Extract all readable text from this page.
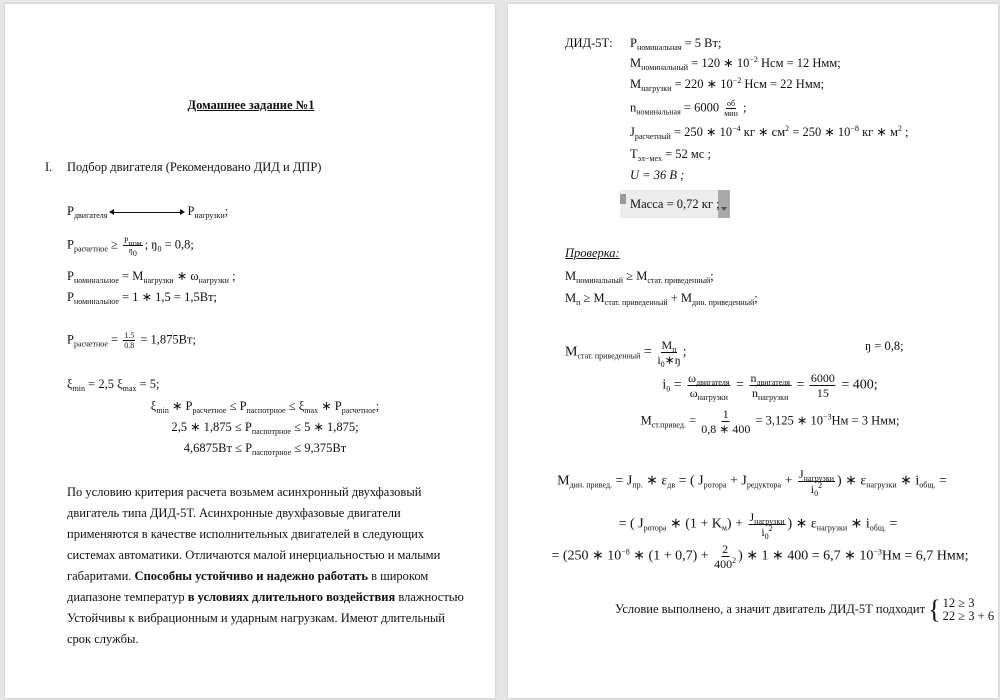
Домашнее задание №1
I. Подбор двигателя (Рекомендовано ДИД и ДПР)
$P_{двигателя}$	$P_{нагрузки}$;
$P_{расчетное} \ge P_{ном}$
$ŋ_0$
; $ŋ_0 = 0,8$;
$P_{номинальное} = M_{нагрузки}$ ∗ $\omega_{нагрузки}$ ;
$P_{номинальное} = 1$ ∗ 1,5 = 1,5Вт;
$P_{расчетное} = \frac{1.5}{0.8} = 1,875Вт$;
$\xi_{min} = 2,5$ $\xi_{max} = 5$;
$\xi_{min}$ ∗ $P_{расчетное} \le P_{паспотрное} \le \xi_{max}$ ∗ $P_{расчетное}$;
2,5 ∗ $1,875 \le P_{паспотрное} \le 5$ ∗ 1,875;
$4,6875Вт \le P_{паспотрное} \le 9,375Вт$
По условию критерия расчета возьмем асинхронный двухфазовый двигатель типа ДИД-5Т. Асинхронные двухфазовые двигатели применяются в качестве исполнительных двигателей в следующих системах автоматики. Отличаются малой инерциальностью и малыми габаритами. Способны устойчиво и надежно работать в широком диапазоне температур в условиях длительного воздействия влажностью Устойчивы к вибрационным и ударным нагрузкам. Имеют длительный срок службы.
ДИД-5Т: $P_{номинальная} = 5$ Вт;
$M_{номинальный} = 120$ ∗ $10^{-2}$ Нсм = 12 Нмм;
$M_{нагрузки} = 220$ ∗ $10^{-2}$ Нсм = 22 Нмм;
$n_{номинальная} = 6000$ об
мин ;
$J_{расчетный} = 250$ ∗ $10^{-4}$ кг ∗ $см^2 = 250$ ∗ $10^{-8}$ кг ∗ $м^2$ ;
$T_{эл-мех} = 52$ мс ;
U = 36 B ;
Масса = 0,72 кг ;
Проверка:
$M_{номинальный} \ge M_{стат. приведенный}$;
$M_п \ge M_{стат. приведенный} + M_{дин. приведенный}$;
$M_{стат. приведенный} = M_п$
$i_0∗ŋ$
;	ŋ = 0,8;
$i_0 = \omega_{двигателя}$
$\omega_{нагрузки}$
= $n_{двигателя}$
$n_{нагрузки}$
= $\frac{6000}{15} = 400$;
$M_{ст.привед.} = \frac{1}{0,8 ∗ 400} = 3,125$ ∗ $10^{-3}Нм = 3$ Нмм;
$M_{дин. привед.} = J_{пр.}$ ∗ $\varepsilon_{дв}$ = ( $J_{ротора} + J_{редуктора} + J_{нагрузки}$
$i_0^2$ ) ∗ $\varepsilon_{нагрузки}$ ∗ $i_{общ.}$ =
= ( $J_{ротора}$ ∗ $(1 + K_м) + J_{нагрузки}$
$i_0^2$ ) ∗ $\varepsilon_{нагрузки}$ ∗ $i_{общ.}$ =
= (250 ∗ $10^{-8}$ ∗ $(1 + 0,7) + \frac{2}{400^2}$ ) ∗ 1 ∗ 400 = 6,7 ∗ $10^{-3}Нм = 6,7$ Нмм;
Условие выполнено, а значит двигатель ДИД-5Т подходит { 12 ≥ 3
22 ≥ 3 + 6
